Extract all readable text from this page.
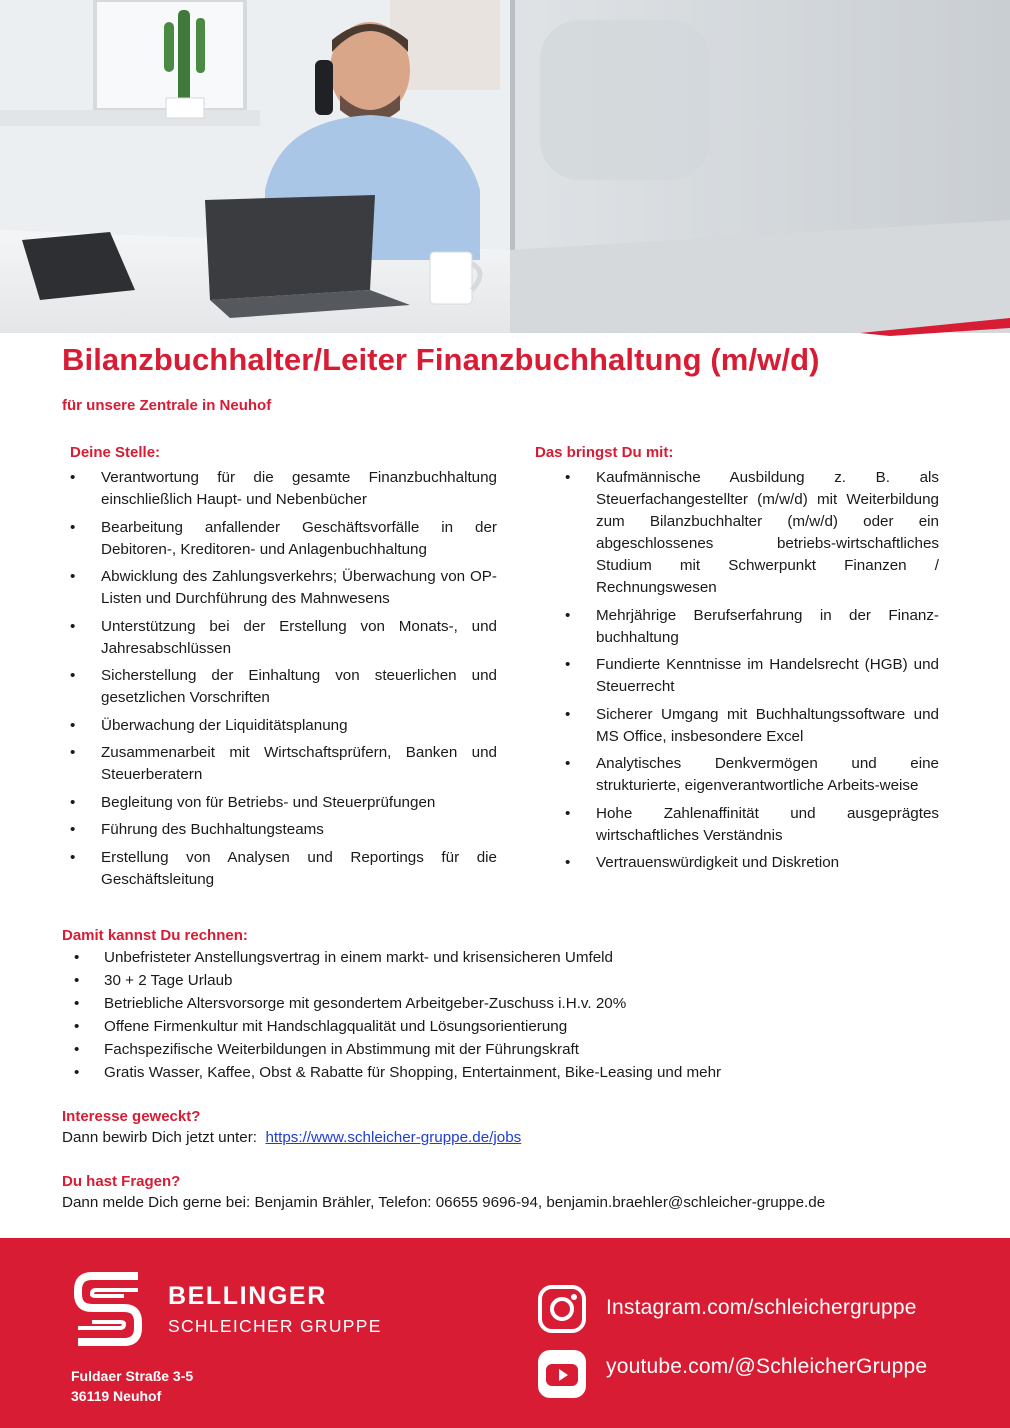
Bilanzbuchhalter/Leiter Finanzbuchhaltung (m/w/d)

für unsere Zentrale in Neuhof

Deine Stelle:
• Verantwortung für die gesamte Finanzbuchhaltung einschließlich Haupt- und Nebenbücher
• Bearbeitung anfallender Geschäftsvorfälle in der Debitoren-, Kreditoren- und Anlagenbuchhaltung
• Abwicklung des Zahlungsverkehrs; Überwachung von OP-Listen und Durchführung des Mahnwesens
• Unterstützung bei der Erstellung von Monats-, und Jahresabschlüssen
• Sicherstellung der Einhaltung von steuerlichen und gesetzlichen Vorschriften
• Überwachung der Liquiditätsplanung
• Zusammenarbeit mit Wirtschaftsprüfern, Banken und Steuerberatern
• Begleitung von für Betriebs- und Steuerprüfungen
• Führung des Buchhaltungsteams
• Erstellung von Analysen und Reportings für die Geschäftsleitung
Das bringst Du mit:
• Kaufmännische Ausbildung z. B. als Steuerfachangestellter (m/w/d) mit Weiterbildung zum Bilanzbuchhalter (m/w/d) oder ein abgeschlossenes betriebs-wirtschaftliches Studium mit Schwerpunkt Finanzen / Rechnungswesen
• Mehrjährige Berufserfahrung in der Finanz-buchhaltung
• Fundierte Kenntnisse im Handelsrecht (HGB) und Steuerrecht
• Sicherer Umgang mit Buchhaltungssoftware und MS Office, insbesondere Excel
• Analytisches Denkvermögen und eine strukturierte, eigenverantwortliche Arbeits-weise
• Hohe Zahlenaffinität und ausgeprägtes wirtschaftliches Verständnis
• Vertrauenswürdigkeit und Diskretion
Damit kannst Du rechnen:
• Unbefristeter Anstellungsvertrag in einem markt- und krisensicheren Umfeld
• 30 + 2 Tage Urlaub
• Betriebliche Altersvorsorge mit gesondertem Arbeitgeber-Zuschuss i.H.v. 20%
• Offene Firmenkultur mit Handschlagqualität und Lösungsorientierung
• Fachspezifische Weiterbildungen in Abstimmung mit der Führungskraft
• Gratis Wasser, Kaffee, Obst & Rabatte für Shopping, Entertainment, Bike-Leasing und mehr
Interesse geweckt?
Dann bewirb Dich jetzt unter: https://www.schleicher-gruppe.de/jobs
Du hast Fragen?
Dann melde Dich gerne bei: Benjamin Brähler, Telefon: 06655 9696-94, benjamin.braehler@schleicher-gruppe.de
BELLINGER
SCHLEICHER GRUPPE
Fuldaer Straße 3-5
36119 Neuhof
Instagram.com/schleichergruppe
youtube.com/@SchleicherGruppe
